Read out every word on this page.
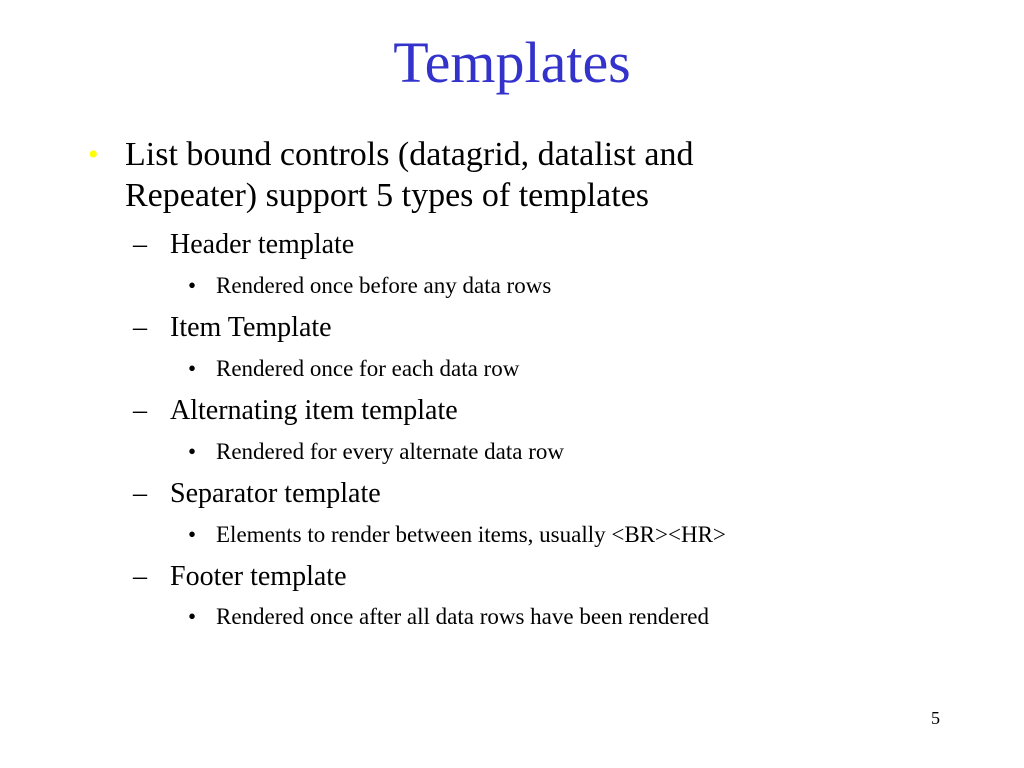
Templates
• List bound controls (datagrid, datalist and Repeater) support 5 types of templates
– Header template
• Rendered once before any data rows
– Item Template
• Rendered once for each data row
– Alternating item template
• Rendered for every alternate data row
– Separator template
• Elements to render between items, usually <BR><HR>
– Footer template
• Rendered once after all data rows have been rendered
5
